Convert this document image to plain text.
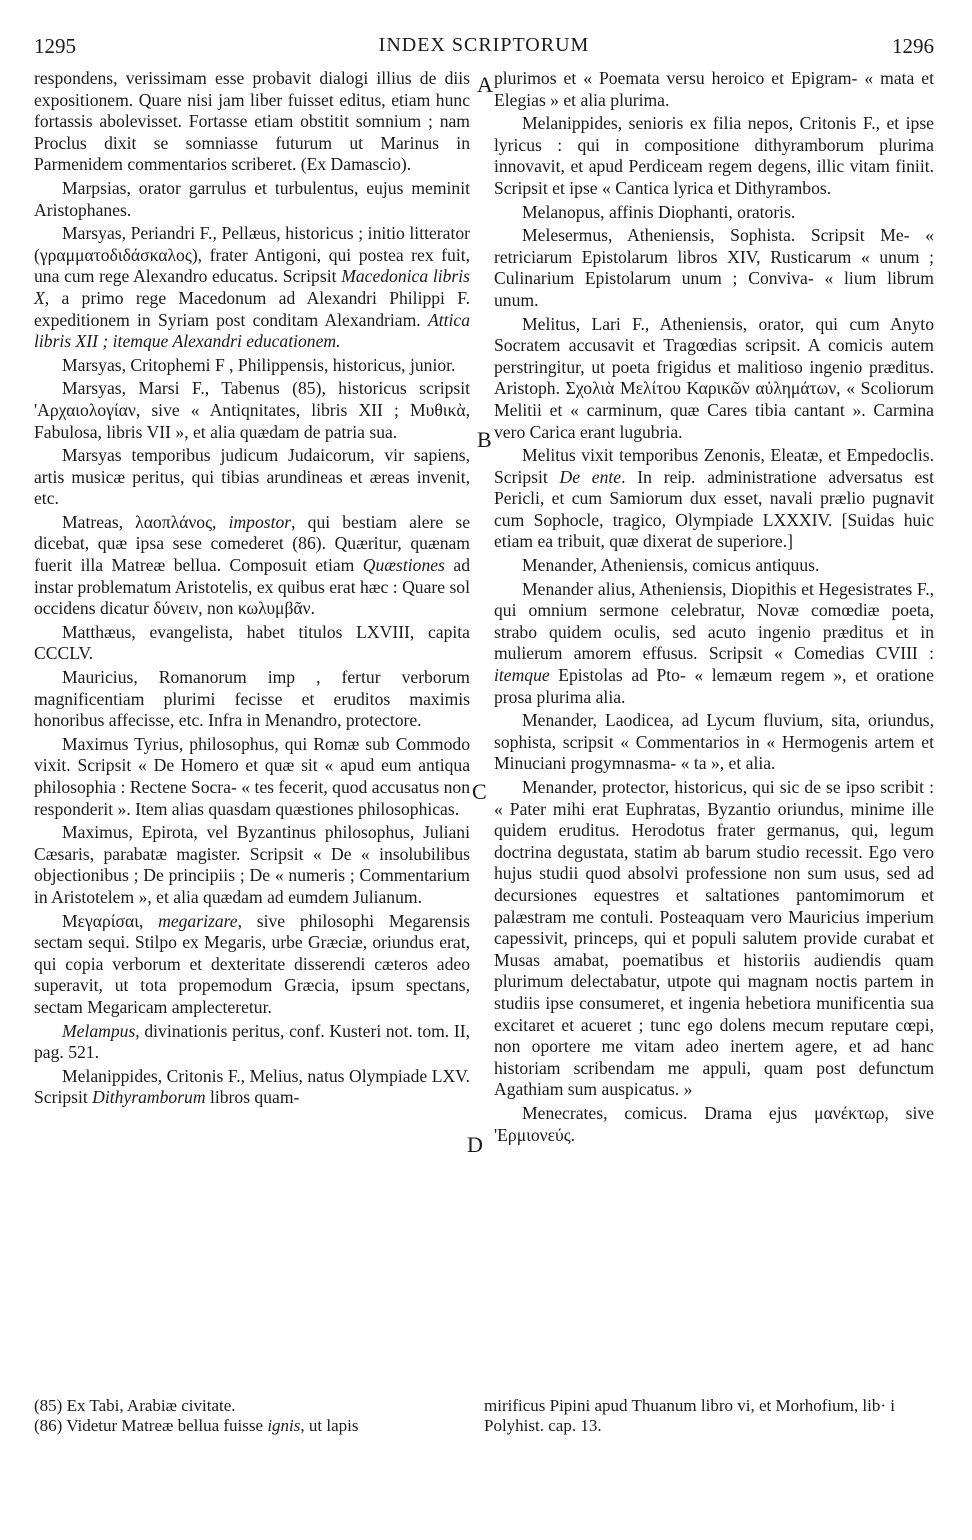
1295	INDEX SCRIPTORUM	1296
A
B
C
D

respondens, verissimam esse probavit dialogi illius de diis expositionem. Quare nisi jam liber fuisset editus, etiam hunc fortassis abolevisset. Fortasse etiam obstitit somnium ; nam Proclus dixit se somniasse futurum ut Marinus in Parmenidem commentarios scriberet. (Ex Damascio).

Marpsias, orator garrulus et turbulentus, eujus meminit Aristophanes.

Marsyas, Periandri F., Pellæus, historicus ; initio litterator (γραμματοδιδάσκαλος), frater Antigoni, qui postea rex fuit, una cum rege Alexandro educatus. Scripsit Macedonica libris X, a primo rege Macedonum ad Alexandri Philippi F. expeditionem in Syriam post conditam Alexandriam. Attica libris XII ; itemque Alexandri educationem.

Marsyas, Critophemi F , Philippensis, historicus, junior.

Marsyas, Marsi F., Tabenus (85), historicus scripsit 'Αρχαιολογίαν, sive « Antiqnitates, libris XII ; Μυθικὰ, Fabulosa, libris VII », et alia quædam de patria sua.

Marsyas temporibus judicum Judaicorum, vir sapiens, artis musicæ peritus, qui tibias arundineas et æreas invenit, etc.

Matreas, λαοπλάνος, impostor, qui bestiam alere se dicebat, quæ ipsa sese comederet (86). Quæritur, quænam fuerit illa Matreæ bellua. Composuit etiam Quæstiones ad instar problematum Aristotelis, ex quibus erat hæc : Quare sol occidens dicatur δύνειν, non κωλυμβᾶν.

Matthæus, evangelista, habet titulos LXVIII, capita CCCLV.

Mauricius, Romanorum imp , fertur verborum magnificentiam plurimi fecisse et eruditos maximis honoribus affecisse, etc. Infra in Menandro, protectore.

Maximus Tyrius, philosophus, qui Romæ sub Commodo vixit. Scripsit « De Homero et quæ sit « apud eum antiqua philosophia : Rectene Socra- « tes fecerit, quod accusatus non responderit ». Item alias quasdam quæstiones philosophicas.

Maximus, Epirota, vel Byzantinus philosophus, Juliani Cæsaris, parabatæ magister. Scripsit « De « insolubilibus objectionibus ; De principiis ; De « numeris ; Commentarium in Aristotelem », et alia quædam ad eumdem Julianum.

Μεγαρίσαι, megarizare, sive philosophi Megarensis sectam sequi. Stilpo ex Megaris, urbe Græciæ, oriundus erat, qui copia verborum et dexteritate disserendi cæteros adeo superavit, ut tota propemodum Græcia, ipsum spectans, sectam Megaricam amplecteretur.

Melampus, divinationis peritus, conf. Kusteri not. tom. II, pag. 521.

Melanippides, Critonis F., Melius, natus Olympiade LXV. Scripsit Dithyramborum libros quam-

plurimos et « Poemata versu heroico et Epigram- « mata et Elegias » et alia plurima.

Melanippides, senioris ex filia nepos, Critonis F., et ipse lyricus : qui in compositione dithyramborum plurima innovavit, et apud Perdiceam regem degens, illic vitam finiit. Scripsit et ipse « Cantica lyrica et Dithyrambos.

Melanopus, affinis Diophanti, oratoris.

Melesermus, Atheniensis, Sophista. Scripsit Me- « retriciarum Epistolarum libros XIV, Rusticarum « unum ; Culinarium Epistolarum unum ; Conviva- « lium librum unum.

Melitus, Lari F., Atheniensis, orator, qui cum Anyto Socratem accusavit et Tragœdias scripsit. A comicis autem perstringitur, ut poeta frigidus et malitioso ingenio præditus. Aristoph. Σχολιὰ Μελίτου Καρικῶν αὐλημάτων, « Scoliorum Melitii et « carminum, quæ Cares tibia cantant ». Carmina vero Carica erant lugubria.

Melitus vixit temporibus Zenonis, Eleatæ, et Empedoclis. Scripsit De ente. In reip. administratione adversatus est Pericli, et cum Samiorum dux esset, navali prælio pugnavit cum Sophocle, tragico, Olympiade LXXXIV. [Suidas huic etiam ea tribuit, quæ dixerat de superiore.]

Menander, Atheniensis, comicus antiquus.

Menander alius, Atheniensis, Diopithis et Hegesistrates F., qui omnium sermone celebratur, Novæ comœdiæ poeta, strabo quidem oculis, sed acuto ingenio præditus et in mulierum amorem effusus. Scripsit « Comedias CVIII : itemque Epistolas ad Pto- « lemæum regem », et oratione prosa plurima alia.

Menander, Laodicea, ad Lycum fluvium, sita, oriundus, sophista, scripsit « Commentarios in « Hermogenis artem et Minuciani progymnasma- « ta », et alia.

Menander, protector, historicus, qui sic de se ipso scribit : « Pater mihi erat Euphratas, Byzantio oriundus, minime ille quidem eruditus. Herodotus frater germanus, qui, legum doctrina degustata, statim ab barum studio recessit. Ego vero hujus studii quod absolvi professione non sum usus, sed ad decursiones equestres et saltationes pantomimorum et palæstram me contuli. Posteaquam vero Mauricius imperium capessivit, princeps, qui et populi salutem provide curabat et Musas amabat, poematibus et historiis audiendis quam plurimum delectabatur, utpote qui magnam noctis partem in studiis ipse consumeret, et ingenia hebetiora munificentia sua excitaret et acueret ; tunc ego dolens mecum reputare cœpi, non oportere me vitam adeo inertem agere, et ad hanc historiam scribendam me appuli, quam post defunctum Agathiam sum auspicatus. »

Menecrates, comicus. Drama ejus μανέκτωρ, sive 'Ερμιονεύς.

(85) Ex Tabi, Arabiæ civitate.

(86) Videtur Matreæ bellua fuisse ignis, ut lapis

mirificus Pipini apud Thuanum libro vi, et Morhofium, lib· i Polyhist. cap. 13.
